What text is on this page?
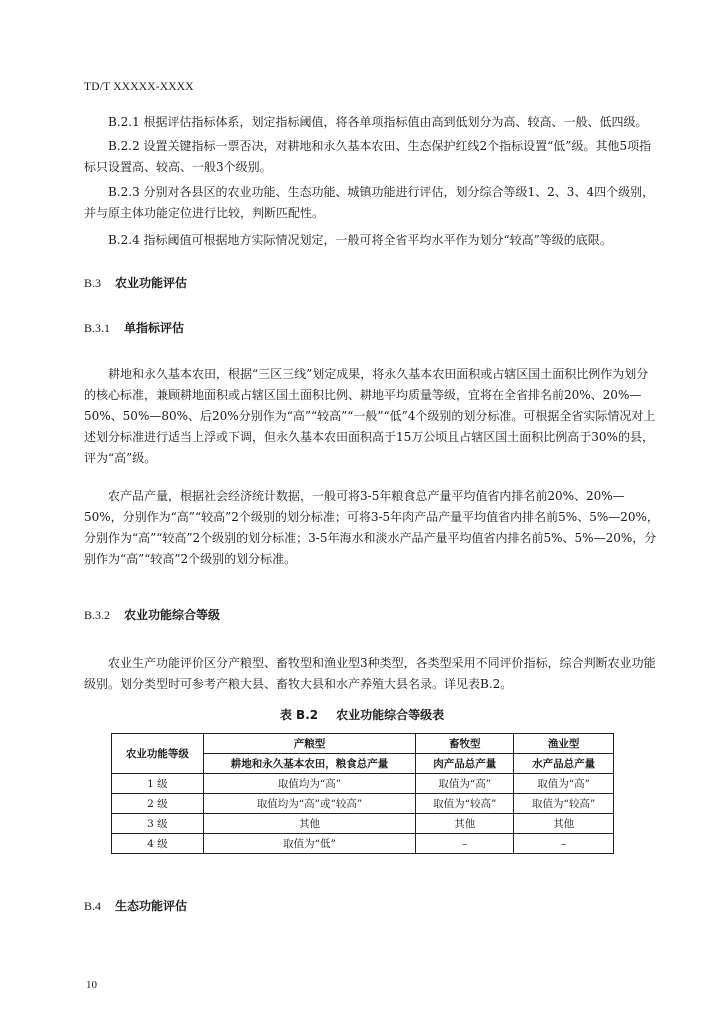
TD/T XXXXX-XXXX

B.2.1 根据评估指标体系，划定指标阈值，将各单项指标值由高到低划分为高、较高、一般、低四级。

B.2.2 设置关键指标一票否决，对耕地和永久基本农田、生态保护红线2个指标设置“低”级。其他5项指标只设置高、较高、一般3个级别。

B.2.3 分别对各县区的农业功能、生态功能、城镇功能进行评估，划分综合等级1、2、3、4四个级别，并与原主体功能定位进行比较，判断匹配性。

B.2.4 指标阈值可根据地方实际情况划定，一般可将全省平均水平作为划分“较高”等级的底限。

B.3 农业功能评估
B.3.1 单指标评估

耕地和永久基本农田，根据“三区三线”划定成果，将永久基本农田面积或占辖区国土面积比例作为划分的核心标准，兼顾耕地面积或占辖区国土面积比例、耕地平均质量等级，宜将在全省排名前20%、20%—50%、50%—80%、后20%分别作为“高”“较高”“一般”“低”4个级别的划分标准。可根据全省实际情况对上述划分标准进行适当上浮或下调，但永久基本农田面积高于15万公顷且占辖区国土面积比例高于30%的县，评为“高”级。

农产品产量，根据社会经济统计数据，一般可将3-5年粮食总产量平均值省内排名前20%、20%—50%，分别作为“高”“较高”2个级别的划分标准；可将3-5年肉产品产量平均值省内排名前5%、5%—20%，分别作为“高”“较高”2个级别的划分标准；3-5年海水和淡水产品产量平均值省内排名前5%、5%—20%，分别作为“高”“较高”2个级别的划分标准。

B.3.2 农业功能综合等级

农业生产功能评价区分产粮型、畜牧型和渔业型3种类型，各类型采用不同评价指标，综合判断农业功能级别。划分类型时可参考产粮大县、畜牧大县和水产养殖大县名录。详见表B.2。

表 B.2 农业功能综合等级表
农业功能等级	产粮型	畜牧型	渔业型
	耕地和永久基本农田，粮食总产量	肉产品总产量	水产品总产量
1 级	取值均为“高”	取值为“高”	取值为“高”
2 级	取值均为“高”或“较高”	取值为“较高”	取值为“较高”
3 级	其他	其他	其他
4 级	取值为“低”	–	–
B.4 生态功能评估
10
